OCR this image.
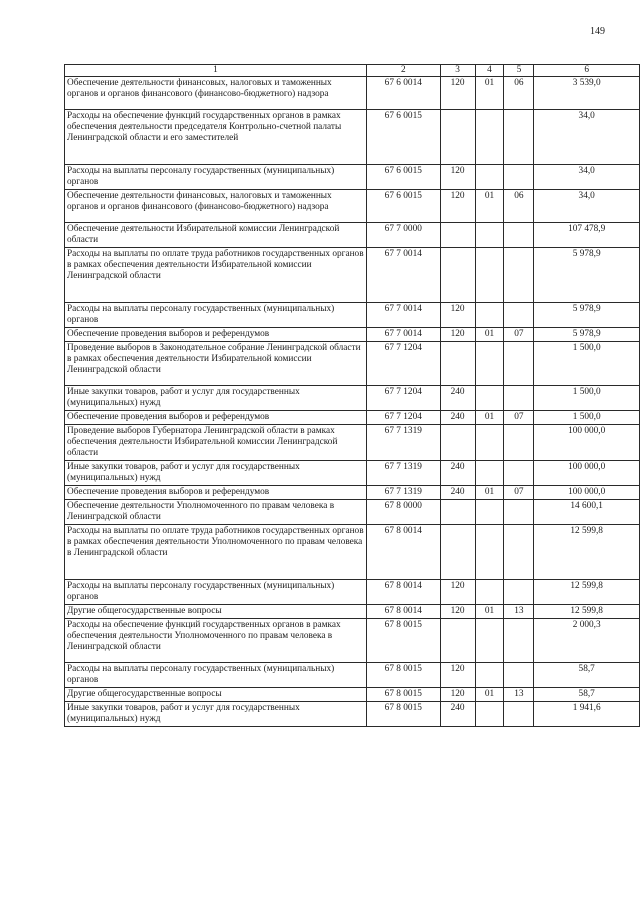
149
1	2	3	4	5	6
Обеспечение деятельности финансовых, налоговых и таможенных органов и органов финансового (финансово-бюджетного) надзора	67 6 0014	120	01	06	3 539,0
Расходы на обеспечение функций государственных органов в рамках обеспечения деятельности председателя Контрольно-счетной палаты Ленинградской области и его заместителей	67 6 0015				34,0
Расходы на выплаты персоналу государственных (муниципальных) органов	67 6 0015	120			34,0
Обеспечение деятельности финансовых, налоговых и таможенных органов и органов финансового (финансово-бюджетного) надзора	67 6 0015	120	01	06	34,0
Обеспечение деятельности Избирательной комиссии Ленинградской области	67 7 0000				107 478,9
Расходы на выплаты по оплате труда работников государственных органов в рамках обеспечения деятельности Избирательной комиссии Ленинградской области	67 7 0014				5 978,9
Расходы на выплаты персоналу государственных (муниципальных) органов	67 7 0014	120			5 978,9
Обеспечение проведения выборов и референдумов	67 7 0014	120	01	07	5 978,9
Проведение выборов в Законодательное собрание Ленинградской области в рамках обеспечения деятельности Избирательной комиссии Ленинградской области	67 7 1204				1 500,0
Иные закупки товаров, работ и услуг для государственных (муниципальных) нужд	67 7 1204	240			1 500,0
Обеспечение проведения выборов и референдумов	67 7 1204	240	01	07	1 500,0
Проведение выборов Губернатора Ленинградской области в рамках обеспечения деятельности Избирательной комиссии Ленинградской области	67 7 1319				100 000,0
Иные закупки товаров, работ и услуг для государственных (муниципальных) нужд	67 7 1319	240			100 000,0
Обеспечение проведения выборов и референдумов	67 7 1319	240	01	07	100 000,0
Обеспечение деятельности Уполномоченного по правам человека в Ленинградской области	67 8 0000				14 600,1
Расходы на выплаты по оплате труда работников государственных органов в рамках обеспечения деятельности Уполномоченного по правам человека в Ленинградской области	67 8 0014				12 599,8
Расходы на выплаты персоналу государственных (муниципальных) органов	67 8 0014	120			12 599,8
Другие общегосударственные вопросы	67 8 0014	120	01	13	12 599,8
Расходы на обеспечение функций государственных органов в рамках обеспечения деятельности Уполномоченного по правам человека в Ленинградской области	67 8 0015				2 000,3
Расходы на выплаты персоналу государственных (муниципальных) органов	67 8 0015	120			58,7
Другие общегосударственные вопросы	67 8 0015	120	01	13	58,7
Иные закупки товаров, работ и услуг для государственных (муниципальных) нужд	67 8 0015	240			1 941,6
